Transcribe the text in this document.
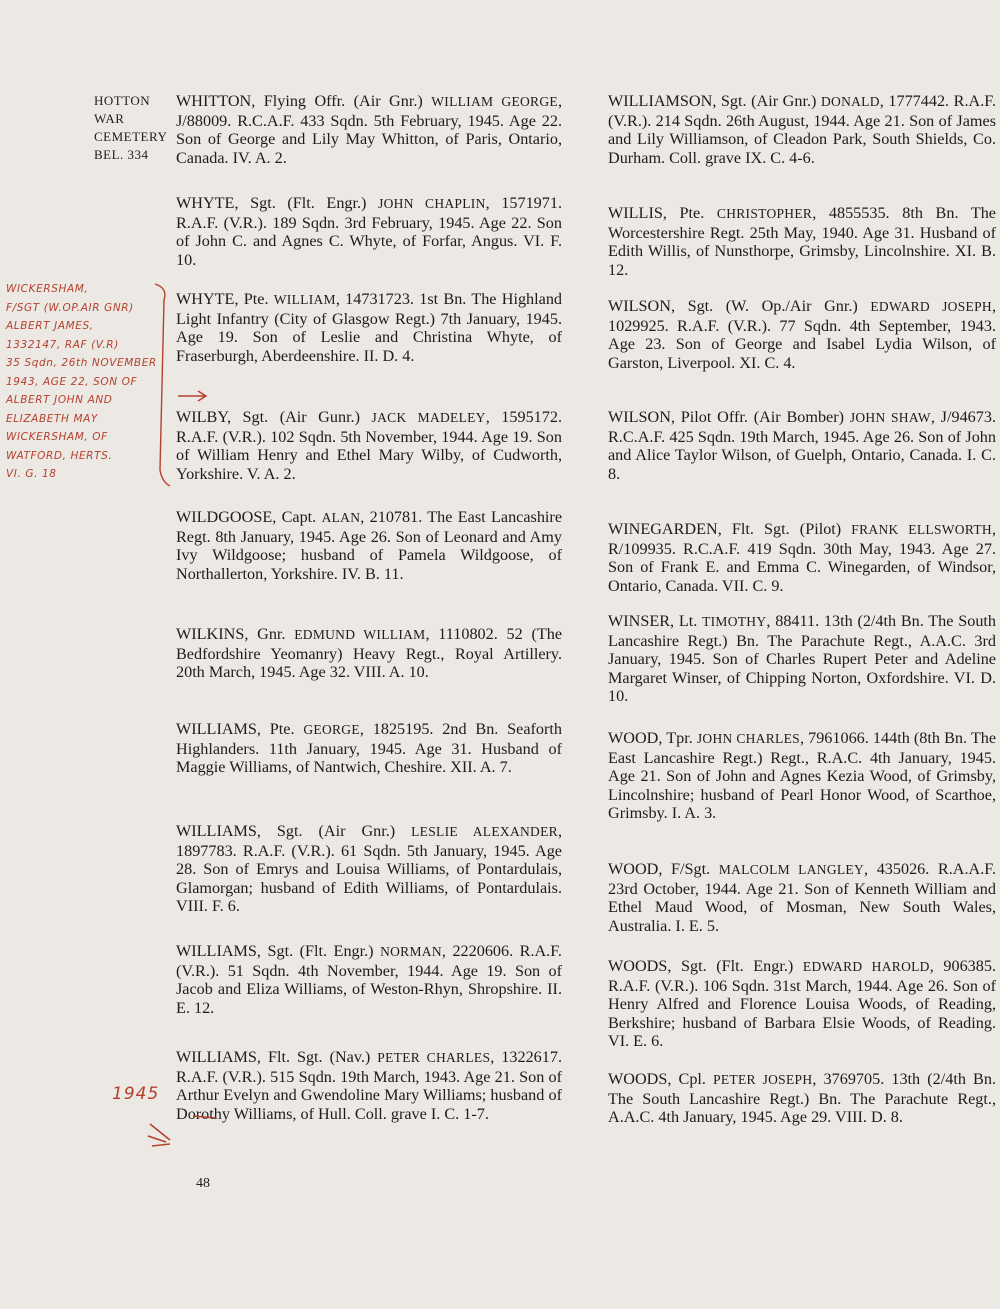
HOTTON
WAR
CEMETERY
BEL. 334
WHITTON, Flying Offr. (Air Gnr.) WILLIAM GEORGE, J/88009. R.C.A.F. 433 Sqdn. 5th February, 1945. Age 22. Son of George and Lily May Whitton, of Paris, Ontario, Canada. IV. A. 2.
WHYTE, Sgt. (Flt. Engr.) JOHN CHAPLIN, 1571971. R.A.F. (V.R.). 189 Sqdn. 3rd February, 1945. Age 22. Son of John C. and Agnes C. Whyte, of Forfar, Angus. VI. F. 10.
WHYTE, Pte. WILLIAM, 14731723. 1st Bn. The Highland Light Infantry (City of Glasgow Regt.) 7th January, 1945. Age 19. Son of Leslie and Christina Whyte, of Fraserburgh, Aberdeenshire. II. D. 4.
WILBY, Sgt. (Air Gunr.) JACK MADELEY, 1595172. R.A.F. (V.R.). 102 Sqdn. 5th November, 1944. Age 19. Son of William Henry and Ethel Mary Wilby, of Cudworth, Yorkshire. V. A. 2.
WILDGOOSE, Capt. ALAN, 210781. The East Lancashire Regt. 8th January, 1945. Age 26. Son of Leonard and Amy Ivy Wildgoose; husband of Pamela Wildgoose, of Northallerton, Yorkshire. IV. B. 11.
WILKINS, Gnr. EDMUND WILLIAM, 1110802. 52 (The Bedfordshire Yeomanry) Heavy Regt., Royal Artillery. 20th March, 1945. Age 32. VIII. A. 10.
WILLIAMS, Pte. GEORGE, 1825195. 2nd Bn. Seaforth Highlanders. 11th January, 1945. Age 31. Husband of Maggie Williams, of Nantwich, Cheshire. XII. A. 7.
WILLIAMS, Sgt. (Air Gnr.) LESLIE ALEXANDER, 1897783. R.A.F. (V.R.). 61 Sqdn. 5th January, 1945. Age 28. Son of Emrys and Louisa Williams, of Pontardulais, Glamorgan; husband of Edith Williams, of Pontardulais. VIII. F. 6.
WILLIAMS, Sgt. (Flt. Engr.) NORMAN, 2220606. R.A.F. (V.R.). 51 Sqdn. 4th November, 1944. Age 19. Son of Jacob and Eliza Williams, of Weston-Rhyn, Shropshire. II. E. 12.
WILLIAMS, Flt. Sgt. (Nav.) PETER CHARLES, 1322617. R.A.F. (V.R.). 515 Sqdn. 19th March, 1943. Age 21. Son of Arthur Evelyn and Gwendoline Mary Williams; husband of Dorothy Williams, of Hull. Coll. grave I. C. 1-7.
WILLIAMSON, Sgt. (Air Gnr.) DONALD, 1777442. R.A.F. (V.R.). 214 Sqdn. 26th August, 1944. Age 21. Son of James and Lily Williamson, of Cleadon Park, South Shields, Co. Durham. Coll. grave IX. C. 4-6.
WILLIS, Pte. CHRISTOPHER, 4855535. 8th Bn. The Worcestershire Regt. 25th May, 1940. Age 31. Husband of Edith Willis, of Nunsthorpe, Grimsby, Lincolnshire. XI. B. 12.
WILSON, Sgt. (W. Op./Air Gnr.) EDWARD JOSEPH, 1029925. R.A.F. (V.R.). 77 Sqdn. 4th September, 1943. Age 23. Son of George and Isabel Lydia Wilson, of Garston, Liverpool. XI. C. 4.
WILSON, Pilot Offr. (Air Bomber) JOHN SHAW, J/94673. R.C.A.F. 425 Sqdn. 19th March, 1945. Age 26. Son of John and Alice Taylor Wilson, of Guelph, Ontario, Canada. I. C. 8.
WINEGARDEN, Flt. Sgt. (Pilot) FRANK ELLSWORTH, R/109935. R.C.A.F. 419 Sqdn. 30th May, 1943. Age 27. Son of Frank E. and Emma C. Winegarden, of Windsor, Ontario, Canada. VII. C. 9.
WINSER, Lt. TIMOTHY, 88411. 13th (2/4th Bn. The South Lancashire Regt.) Bn. The Parachute Regt., A.A.C. 3rd January, 1945. Son of Charles Rupert Peter and Adeline Margaret Winser, of Chipping Norton, Oxfordshire. VI. D. 10.
WOOD, Tpr. JOHN CHARLES, 7961066. 144th (8th Bn. The East Lancashire Regt.) Regt., R.A.C. 4th January, 1945. Age 21. Son of John and Agnes Kezia Wood, of Grimsby, Lincolnshire; husband of Pearl Honor Wood, of Scarthoe, Grimsby. I. A. 3.
WOOD, F/Sgt. MALCOLM LANGLEY, 435026. R.A.A.F. 23rd October, 1944. Age 21. Son of Kenneth William and Ethel Maud Wood, of Mosman, New South Wales, Australia. I. E. 5.
WOODS, Sgt. (Flt. Engr.) EDWARD HAROLD, 906385. R.A.F. (V.R.). 106 Sqdn. 31st March, 1944. Age 26. Son of Henry Alfred and Florence Louisa Woods, of Reading, Berkshire; husband of Barbara Elsie Woods, of Reading. VI. E. 6.
WOODS, Cpl. PETER JOSEPH, 3769705. 13th (2/4th Bn. The South Lancashire Regt.) Bn. The Parachute Regt., A.A.C. 4th January, 1945. Age 29. VIII. D. 8.
WICKERSHAM,
F/SGT (W.OP.AIR GNR)
ALBERT JAMES,
1332147, RAF (V.R)
35 Sqdn, 26th NOVEMBER
1943, AGE 22, SON OF
ALBERT JOHN AND
ELIZABETH MAY
WICKERSHAM, OF
WATFORD, HERTS.
VI. G. 18
1945
48
